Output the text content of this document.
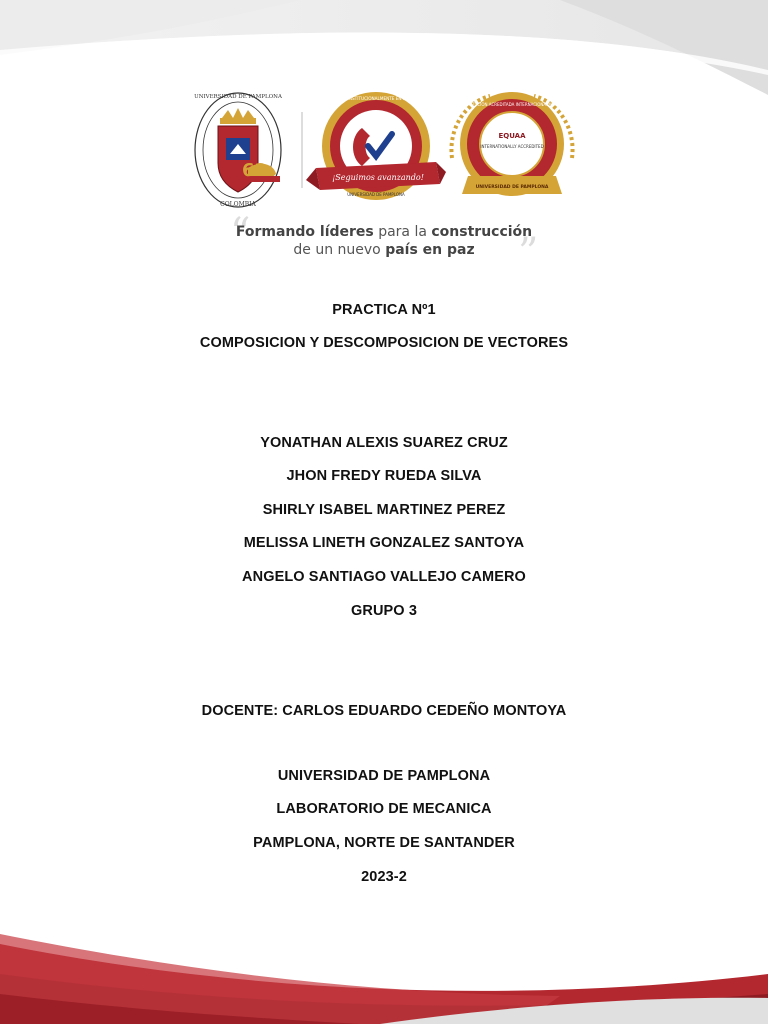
62
COLOMBIA
UNIVERSIDAD DE PAMPLONA
¡Seguimos avanzando!
UNIVERSIDAD DE PAMPLONA
ACREDITADA INSTITUCIONALMENTE EN ALTA CALIDAD
EQUAA
INTERNATIONALLY ACCREDITED
UNIVERSIDAD DE PAMPLONA
INSTITUCIÓN ACREDITADA INTERNACIONALMENTE
“
Formando líderes para la construcción
de un nuevo país en paz	”
PRACTICA Nº1
COMPOSICION Y DESCOMPOSICION DE VECTORES
YONATHAN ALEXIS SUAREZ CRUZ
JHON FREDY RUEDA SILVA
SHIRLY ISABEL MARTINEZ PEREZ
MELISSA LINETH GONZALEZ SANTOYA
ANGELO SANTIAGO VALLEJO CAMERO
GRUPO 3
DOCENTE: CARLOS EDUARDO CEDEÑO MONTOYA
UNIVERSIDAD DE PAMPLONA
LABORATORIO DE MECANICA
PAMPLONA, NORTE DE SANTANDER
2023-2
